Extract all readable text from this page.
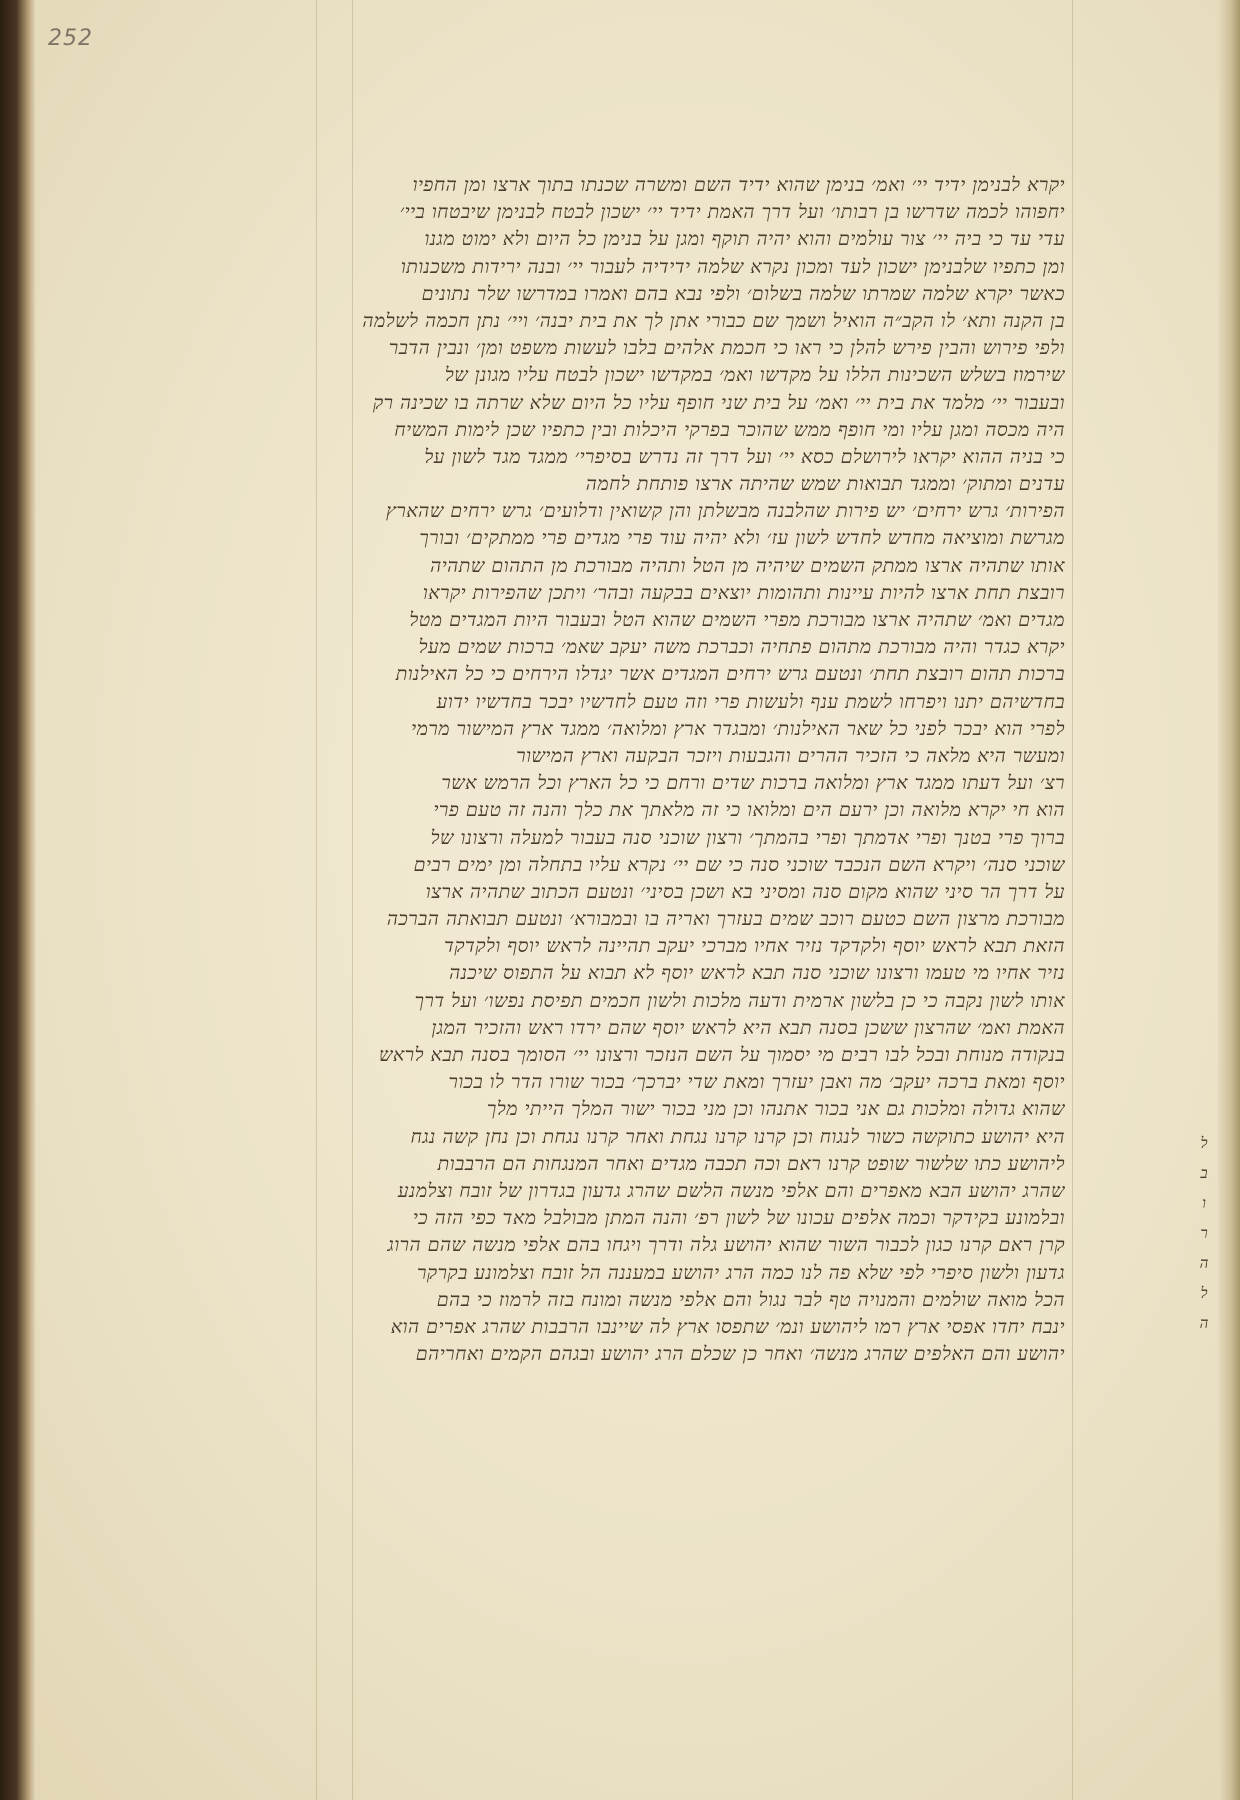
252
יקרא לבנימן ידיד יי׳ ואמ׳ בנימן שהוא ידיד השם ומשרה שכנתו בתוך ארצו ומן החפיו
יחפוהו לכמה שדרשו בן רבותו׳ ועל דרך האמת ידיד יי׳ ישכון לבטח לבנימן שיבטחו ביי׳
עדי עד כי ביה יי׳ צור עולמים והוא יהיה תוקף ומגן על בנימן כל היום ולא ימוט מגנו
ומן כתפיו שלבנימן ישכון לעד ומכון נקרא שלמה ידידיה לעבור יי׳ ובנה ירידות משכנותו
כאשר יקרא שלמה שמרתו שלמה בשלום׳ ולפי נבא בהם ואמרו במדרשו שלר נתונים
בן הקנה ותא׳ לו הקב״ה הואיל ושמך שם כבורי אתן לך את בית יבנה׳ ויי׳ נתן חכמה לשלמה
ולפי פירוש והבין פירש להלן כי ראו כי חכמת אלהים בלבו לעשות משפט ומן׳ ונבין הדבר
שירמוז בשלש השכינות הללו על מקדשו ואמ׳ במקדשו ישכון לבטח עליו מגונן של
ובעבור יי׳ מלמד את בית יי׳ ואמ׳ על בית שני חופף עליו כל היום שלא שרתה בו שכינה רק
היה מכסה ומגן עליו ומי חופף ממש שהוכר בפרקי היכלות ובין כתפיו שכן לימות המשיח
כי בניה ההוא יקראו לירושלם כסא יי׳ ועל דרך זה נדרש בסיפרי׳ ממגד מגד לשון על
עדנים ומתוק׳ וממגד תבואות שמש שהיתה ארצו פותחת לחמה
הפירות׳ גרש ירחים׳ יש פירות שהלבנה מבשלתן והן קשואין ודלועים׳ גרש ירחים שהארץ
מגרשת ומוציאה מחדש לחדש לשון עז׳ ולא יהיה עוד פרי מגדים פרי ממתקים׳ ובורך
אותו שתהיה ארצו ממתק השמים שיהיה מן הטל ותהיה מבורכת מן התהום שתהיה
רובצת תחת ארצו להיות עיינות ותהומות יוצאים בבקעה ובהר׳ ויתכן שהפירות יקראו
מגדים ואמ׳ שתהיה ארצו מבורכת מפרי השמים שהוא הטל ובעבור היות המגדים מטל
יקרא כגדר והיה מבורכת מתהום פתחיה וכברכת משה יעקב שאמ׳ ברכות שמים מעל
ברכות תהום רובצת תחת׳ ונטעם גרש ירחים המגדים אשר יגדלו הירחים כי כל האילנות
בחדשיהם יתנו ויפרחו לשמת ענף ולעשות פרי וזה טעם לחדשיו יבכר בחדשיו ידוע
לפרי הוא יבכר לפני כל שאר האילנות׳ ומבגדר ארץ ומלואה׳ ממגד ארץ המישור מרמי
ומעשר היא מלאה כי הזכיר ההרים והגבעות ויזכר הבקעה וארץ המישור
רצ׳ ועל דעתו ממגד ארץ ומלואה ברכות שדים ורחם כי כל הארץ וכל הרמש אשר
הוא חי יקרא מלואה וכן ירעם הים ומלואו כי זה מלאתך את כלך והנה זה טעם פרי
ברוך פרי בטנך ופרי אדמתך ופרי בהמתך׳ ורצון שוכני סנה בעבור למעלה ורצונו של
שוכני סנה׳ ויקרא השם הנכבד שוכני סנה כי שם יי׳ נקרא עליו בתחלה ומן ימים רבים
על דרך הר סיני שהוא מקום סנה ומסיני בא ושכן בסיני׳ ונטעם הכתוב שתהיה ארצו
מבורכת מרצון השם כטעם רוכב שמים בעזרך ואריה בו ובמבורא׳ ונטעם תבואתה הברכה
הזאת תבא לראש יוסף ולקדקד נזיר אחיו מברכי יעקב תהיינה לראש יוסף ולקדקד
נזיר אחיו מי טעמו ורצונו שוכני סנה תבא לראש יוסף לא תבוא על התפוס שיכנה
אותו לשון נקבה כי כן בלשון ארמית ודעה מלכות ולשון חכמים תפיסת נפשו׳ ועל דרך
האמת ואמ׳ שהרצון ששכן בסנה תבא היא לראש יוסף שהם ירדו ראש והזכיר המגן
בנקודה מנוחת ובכל לבו רבים מי יסמוך על השם הנזכר ורצונו יי׳ הסומך בסנה תבא לראש
יוסף ומאת ברכה יעקב׳ מה ואבן יעזרך ומאת שדי יברכך׳ בכור שורו הדר לו בכור
שהוא גדולה ומלכות גם אני בכור אתנהו וכן מני בכור ישור המלך הייתי מלך
היא יהושע כתוקשה כשור לנגוח וכן קרנו קרנו נגחת ואחר קרנו נגחת וכן נחן קשה נגח
ליהושע כתו שלשור שופט קרנו ראם וכה תכבה מגדים ואחר המנגחות הם הרבבות
שהרג יהושע הבא מאפרים והם אלפי מנשה הלשם שהרג גדעון בגדרון של זובח וצלמנע
ובלמונע בקידקר וכמה אלפים עכונו של לשון רפ׳ והנה המתן מבולבל מאד כפי הזה כי
קרן ראם קרנו כגון לכבור השור שהוא יהושע גלה ודרך ויגחו בהם אלפי מנשה שהם הרוג
גדעון ולשון סיפרי לפי שלא פה לנו כמה הרג יהושע במעננה הל זובח וצלמונע בקרקר
הכל מואה שולמים והמנויה טף לבר נגול והם אלפי מנשה ומונח בזה לרמוז כי בהם
ינבח יחדו אפסי ארץ רמו ליהושע ונמ׳ שתפסו ארץ לה שיינבו הרבבות שהרג אפרים הוא
יהושע והם האלפים שהרג מנשה׳ ואחר כן שכלם הרג יהושע ובגהם הקמים ואחריהם
ל
ב
ו
ר
ה
ל
ה
